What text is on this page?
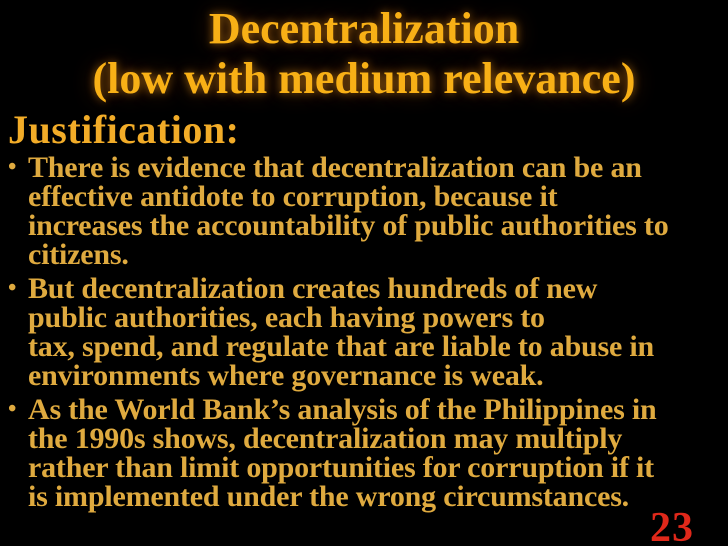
Decentralization
(low with medium relevance)
Justification:
• There is evidence that decentralization can be an
effective antidote to corruption, because it
increases the accountability of public authorities to
citizens.
• But decentralization creates hundreds of new
public authorities, each having powers to
tax, spend, and regulate that are liable to abuse in
environments where governance is weak.
• As the World Bank’s analysis of the Philippines in
the 1990s shows, decentralization may multiply
rather than limit opportunities for corruption if it
is implemented under the wrong circumstances.
23
